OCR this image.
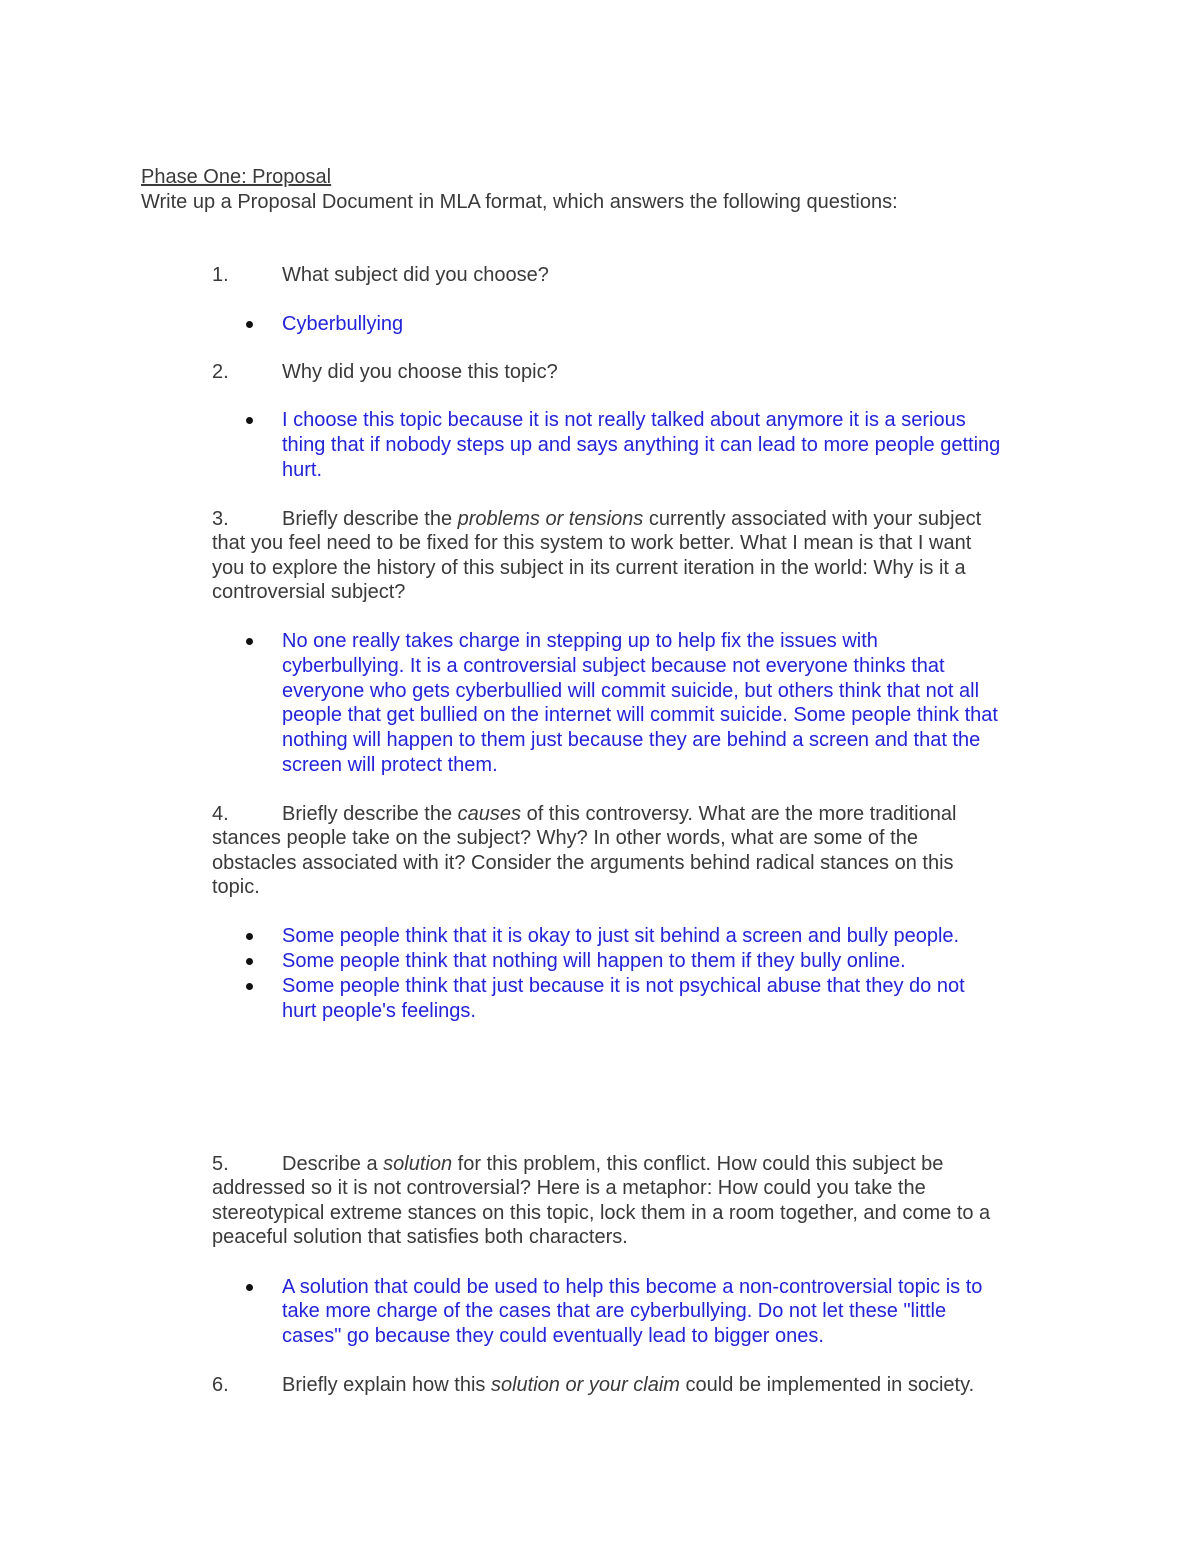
Phase One: Proposal
Write up a Proposal Document in MLA format, which answers the following questions:
1.	What subject did you choose?
Cyberbullying
2.	Why did you choose this topic?
I choose this topic because it is not really talked about anymore it is a serious
thing that if nobody steps up and says anything it can lead to more people getting
hurt.
3.	Briefly describe the problems or tensions currently associated with your subject
that you feel need to be fixed for this system to work better. What I mean is that I want
you to explore the history of this subject in its current iteration in the world: Why is it a
controversial subject?
No one really takes charge in stepping up to help fix the issues with
cyberbullying. It is a controversial subject because not everyone thinks that
everyone who gets cyberbullied will commit suicide, but others think that not all
people that get bullied on the internet will commit suicide. Some people think that
nothing will happen to them just because they are behind a screen and that the
screen will protect them.
4.	Briefly describe the causes of this controversy. What are the more traditional
stances people take on the subject? Why? In other words, what are some of the
obstacles associated with it? Consider the arguments behind radical stances on this
topic.
Some people think that it is okay to just sit behind a screen and bully people.
Some people think that nothing will happen to them if they bully online.
Some people think that just because it is not psychical abuse that they do not
hurt people's feelings.
5.	Describe a solution for this problem, this conflict. How could this subject be
addressed so it is not controversial? Here is a metaphor: How could you take the
stereotypical extreme stances on this topic, lock them in a room together, and come to a
peaceful solution that satisfies both characters.
A solution that could be used to help this become a non-controversial topic is to
take more charge of the cases that are cyberbullying. Do not let these "little
cases" go because they could eventually lead to bigger ones.
6.	Briefly explain how this solution or your claim could be implemented in society.
